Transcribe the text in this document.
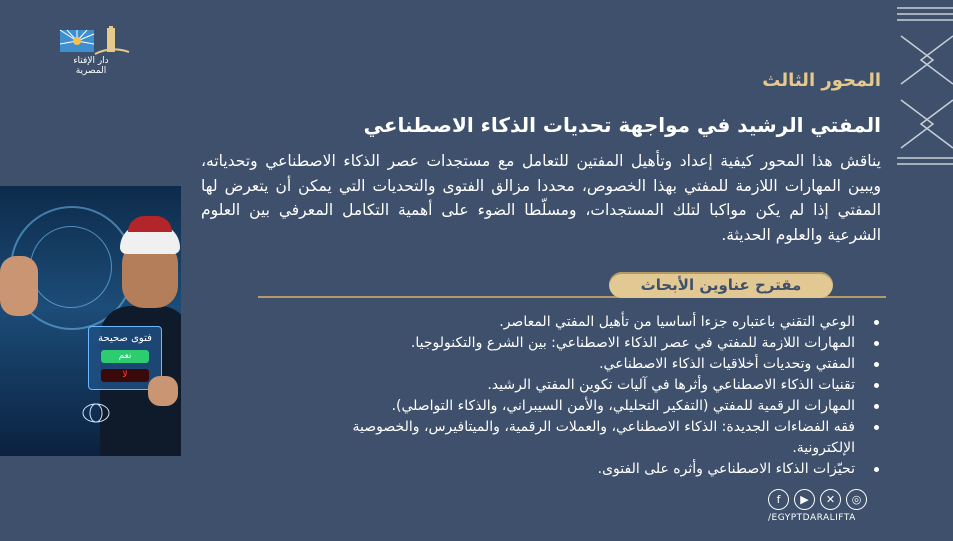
دار الإفتاء المصرية	المحور الثالث
المفتي الرشيد في مواجهة تحديات الذكاء الاصطناعي
يناقش هذا المحور كيفية إعداد وتأهيل المفتين للتعامل مع مستجدات عصر الذكاء الاصطناعي وتحدياته، ويبين المهارات اللازمة للمفتي بهذا الخصوص، محددا مزالق الفتوى والتحديات التي يمكن أن يتعرض لها المفتي إذا لم يكن مواكبا لتلك المستجدات، ومسلّطا الضوء على أهمية التكامل المعرفي بين العلوم الشرعية والعلوم الحديثة.
مقترح عناوين الأبحاث
الوعي التقني باعتباره جزءا أساسيا من تأهيل المفتي المعاصر.
المهارات اللازمة للمفتي في عصر الذكاء الاصطناعي: بين الشرع والتكنولوجيا.
المفتي وتحديات أخلاقيات الذكاء الاصطناعي.
تقنيات الذكاء الاصطناعي وأثرها في آليات تكوين المفتي الرشيد.
المهارات الرقمية للمفتي (التفكير التحليلي، والأمن السيبراني، والذكاء التواصلي).
فقه الفضاءات الجديدة: الذكاء الاصطناعي، والعملات الرقمية، والميتافيرس، والخصوصية الإلكترونية.
تحيّزات الذكاء الاصطناعي وأثره على الفتوى.
فتوى صحيحة
نعم
لا
f	▶	✕	◎
/EGYPTDARALIFTA
